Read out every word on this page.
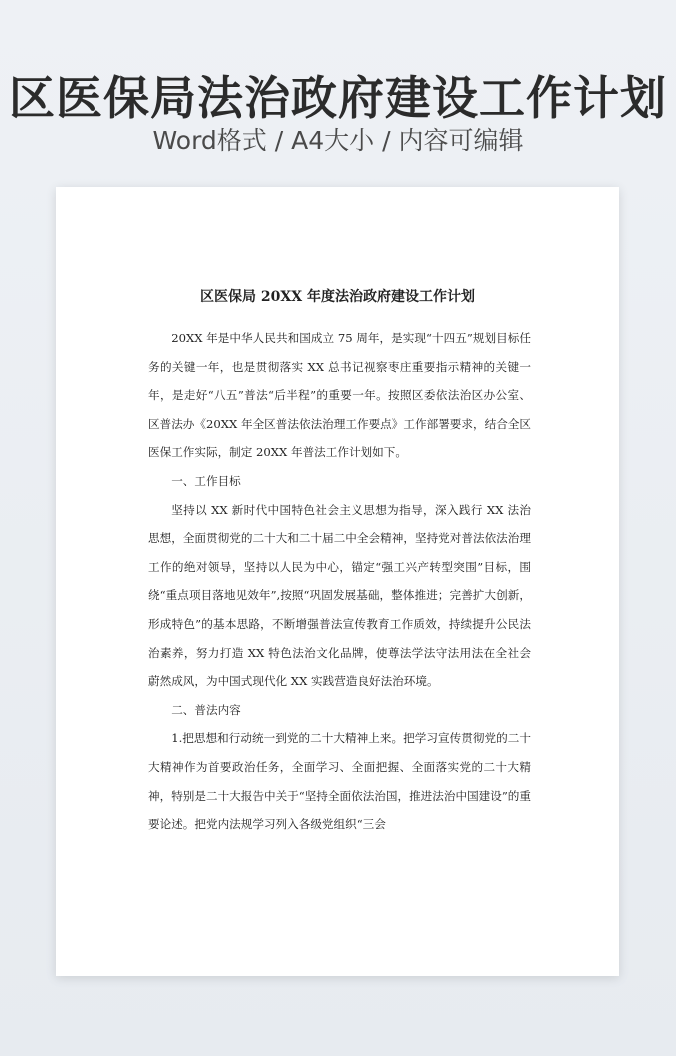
区医保局法治政府建设工作计划
Word格式 / A4大小 / 内容可编辑
区医保局 20XX 年度法治政府建设工作计划

20XX 年是中华人民共和国成立 75 周年，是实现“十四五”规划目标任务的关键一年，也是贯彻落实 XX 总书记视察枣庄重要指示精神的关键一年，是走好“八五”普法“后半程”的重要一年。按照区委依法治区办公室、区普法办《20XX 年全区普法依法治理工作要点》工作部署要求，结合全区医保工作实际，制定 20XX 年普法工作计划如下。

一、工作目标

坚持以 XX 新时代中国特色社会主义思想为指导，深入践行 XX 法治思想，全面贯彻党的二十大和二十届二中全会精神，坚持党对普法依法治理工作的绝对领导，坚持以人民为中心，锚定“强工兴产转型突围”目标，围绕“重点项目落地见效年”,按照“巩固发展基础，整体推进；完善扩大创新，形成特色”的基本思路，不断增强普法宣传教育工作质效，持续提升公民法治素养，努力打造 XX 特色法治文化品牌，使尊法学法守法用法在全社会蔚然成风，为中国式现代化 XX 实践营造良好法治环境。

二、普法内容

1.把思想和行动统一到党的二十大精神上来。把学习宣传贯彻党的二十大精神作为首要政治任务，全面学习、全面把握、全面落实党的二十大精神，特别是二十大报告中关于“坚持全面依法治国，推进法治中国建设”的重要论述。把党内法规学习列入各级党组织“三会
